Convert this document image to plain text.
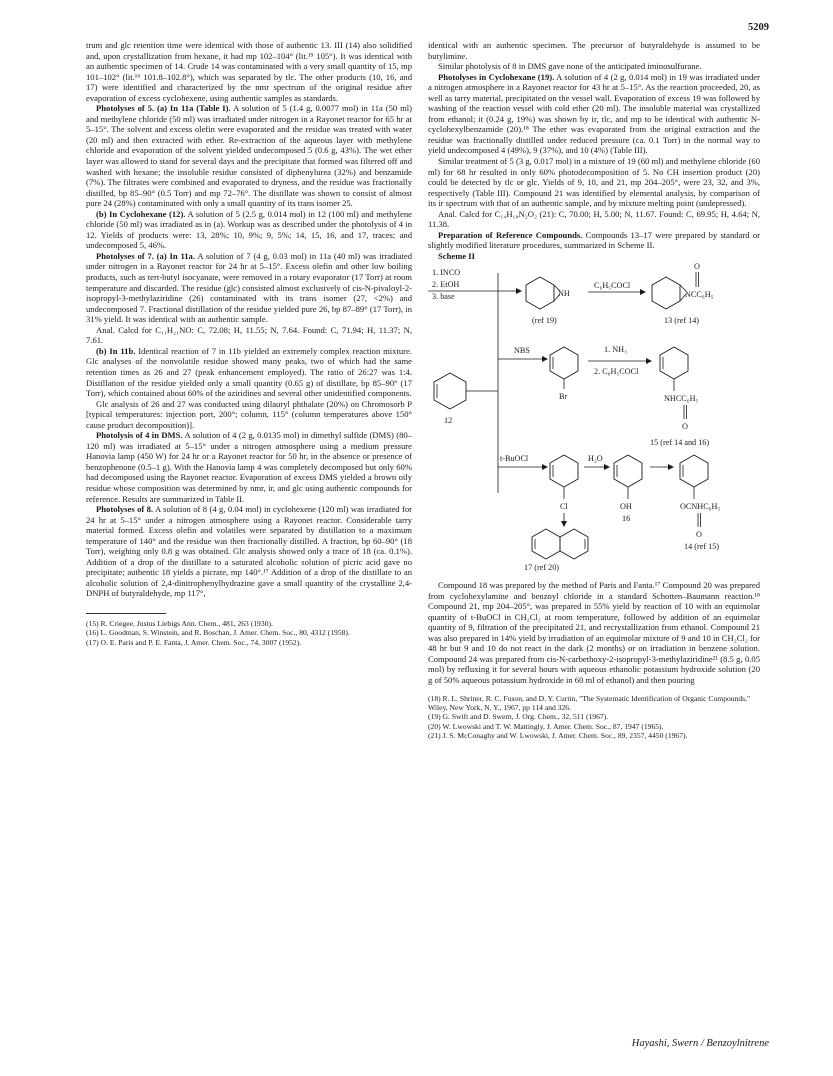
5209

trum and glc retention time were identical with those of authentic 13. III (14) also solidified and, upon crystallization from hexane, it had mp 102–104° (lit.¹⁵ 105°). It was identical with an authentic specimen of 14. Crude 14 was contaminated with a very small quantity of 15, mp 101–102° (lit.¹⁶ 101.8–102.8°), which was separated by tlc. The other products (10, 16, and 17) were identified and characterized by the nmr spectrum of the original residue after evaporation of excess cyclohexene, using authentic samples as standards.

Photolyses of 5. (a) In 11a (Table I). A solution of 5 (1.4 g, 0.0077 mol) in 11a (50 ml) and methylene chloride (50 ml) was irradiated under nitrogen in a Rayonet reactor for 65 hr at 5–15°. The solvent and excess olefin were evaporated and the residue was treated with water (20 ml) and then extracted with ether. Re-extraction of the aqueous layer with methylene chloride and evaporation of the solvent yielded undecomposed 5 (0.6 g, 43%). The wet ether layer was allowed to stand for several days and the precipitate that formed was filtered off and washed with hexane; the insoluble residue consisted of diphenylurea (32%) and benzamide (7%). The filtrates were combined and evaporated to dryness, and the residue was fractionally distilled, bp 85–90° (0.5 Torr) and mp 72–76°. The distillate was shown to consist of almost pure 24 (28%) contaminated with only a small quantity of its trans isomer 25.

(b) In Cyclohexane (12). A solution of 5 (2.5 g, 0.014 mol) in 12 (100 ml) and methylene chloride (50 ml) was irradiated as in (a). Workup was as described under the photolysis of 4 in 12. Yields of products were: 13, 28%; 10, 9%; 9, 5%; 14, 15, 16, and 17, traces; and undecomposed 5, 46%.

Photolyses of 7. (a) In 11a. A solution of 7 (4 g, 0.03 mol) in 11a (40 ml) was irradiated under nitrogen in a Rayonet reactor for 24 hr at 5–15°. Excess olefin and other low boiling products, such as tert-butyl isocyanate, were removed in a rotary evaporator (17 Torr) at room temperature and discarded. The residue (glc) consisted almost exclusively of cis-N-pivaloyl-2-isopropyl-3-methylaziridine (26) contaminated with its trans isomer (27, <2%) and undecomposed 7. Fractional distillation of the residue yielded pure 26, bp 87–89° (17 Torr), in 31% yield. It was identical with an authentic sample.

Anal. Calcd for C₁₁H₂₁NO: C, 72.08; H, 11.55; N, 7.64. Found: C, 71.94; H, 11.37; N, 7.61.

(b) In 11b. Identical reaction of 7 in 11b yielded an extremely complex reaction mixture. Glc analyses of the nonvolatile residue showed many peaks, two of which had the same retention times as 26 and 27 (peak enhancement employed). The ratio of 26:27 was 1:4. Distillation of the residue yielded only a small quantity (0.65 g) of distillate, bp 85–90° (17 Torr), which contained about 60% of the aziridines and several other unidentified components.

Glc analysis of 26 and 27 was conducted using dilauryl phthalate (20%) on Chromosorb P [typical temperatures: injection port, 200°; column, 115° (column temperatures above 150° cause product decomposition)].

Photolysis of 4 in DMS. A solution of 4 (2 g, 0.0135 mol) in dimethyl sulfide (DMS) (80–120 ml) was irradiated at 5–15° under a nitrogen atmosphere using a medium pressure Hanovia lamp (450 W) for 24 hr or a Rayonet reactor for 50 hr, in the absence or presence of benzophenone (0.5–1 g). With the Hanovia lamp 4 was completely decomposed but only 60% had decomposed using the Rayonet reactor. Evaporation of excess DMS yielded a brown oily residue whose composition was determined by nmr, ir, and glc using authentic compounds for reference. Results are summarized in Table II.

Photolyses of 8. A solution of 8 (4 g, 0.04 mol) in cyclohexene (120 ml) was irradiated for 24 hr at 5–15° under a nitrogen atmosphere using a Rayonet reactor. Considerable tarry material formed. Excess olefin and volatiles were separated by distillation to a maximum temperature of 140° and the residue was then fractionally distilled. A fraction, bp 60–90° (18 Torr), weighing only 0.8 g was obtained. Glc analysis showed only a trace of 18 (ca. 0.1%). Addition of a drop of the distillate to a saturated alcoholic solution of picric acid gave no precipitate; authentic 18 yields a picrate, mp 140°.¹⁷ Addition of a drop of the distillate to an alcoholic solution of 2,4-dinitrophenylhydrazine gave a small quantity of the crystalline 2,4-DNPH of butyraldehyde, mp 117°,

(15) R. Criegee, Justus Liebigs Ann. Chem., 481, 263 (1930).

(16) L. Goodman, S. Winstein, and R. Boschan, J. Amer. Chem. Soc., 80, 4312 (1958).

(17) O. E. Paris and P. E. Fanta, J. Amer. Chem. Soc., 74, 3007 (1952).

identical with an authentic specimen. The precursor of butyraldehyde is assumed to be butylimine.

Similar photolysis of 8 in DMS gave none of the anticipated iminosulfurane.

Photolyses in Cyclohexane (19). A solution of 4 (2 g, 0.014 mol) in 19 was irradiated under a nitrogen atmosphere in a Rayonet reactor for 43 hr at 5–15°. As the reaction proceeded, 20, as well as tarry material, precipitated on the vessel wall. Evaporation of excess 19 was followed by washing of the reaction vessel with cold ether (20 ml). The insoluble material was crystallized from ethanol; it (0.24 g, 19%) was shown by ir, tlc, and mp to be identical with authentic N-cyclohexylbenzamide (20).¹⁸ The ether was evaporated from the original extraction and the residue was fractionally distilled under reduced pressure (ca. 0.1 Torr) in the normal way to yield undecomposed 4 (49%), 9 (37%), and 10 (4%) (Table III).

Similar treatment of 5 (3 g, 0.017 mol) in a mixture of 19 (60 ml) and methylene chloride (60 ml) for 68 hr resulted in only 60% photodecomposition of 5. No CH insertion product (20) could be detected by tlc or glc. Yields of 9, 10, and 21, mp 204–205°, were 23, 32, and 3%, respectively (Table III). Compound 21 was identified by elemental analysis, by comparison of its ir spectrum with that of an authentic sample, and by mixture melting point (undepressed).

Anal. Calcd for C₁₄H₁₈N₂O₂ (21): C, 70.00; H, 5.00; N, 11.67. Found: C, 69.95; H, 4.64; N, 11.38.

Preparation of Reference Compounds. Compounds 13–17 were prepared by standard or slightly modified literature procedures, summarized in Scheme II.

Scheme II

12
1. INCO
2. EtOH
3. base	NH
(ref 19)
C₆H₅COCl
NCC₆H₅
O
13 (ref 14)
NBS
Br
1. NH₃
2. C₆H₅COCl
NHCC₆H₅
O
15 (ref 14 and 16)
t-BuOCl
Cl
H₂O
OH
16
OCNHC₆H₅
O
14 (ref 15)
17 (ref 20)

Compound 18 was prepared by the method of Paris and Fanta.¹⁷ Compound 20 was prepared from cyclohexylamine and benzoyl chloride in a standard Schotten–Baumann reaction.¹⁸ Compound 21, mp 204–205°, was prepared in 55% yield by reaction of 10 with an equimolar quantity of t-BuOCl in CH₂Cl₂ at room temperature, followed by addition of an equimolar quantity of 9, filtration of the precipitated 21, and recrystallization from ethanol. Compound 21 was also prepared in 14% yield by irradiation of an equimolar mixture of 9 and 10 in CH₂Cl₂ for 48 hr but 9 and 10 do not react in the dark (2 months) or on irradiation in benzene solution. Compound 24 was prepared from cis-N-carbethoxy-2-isopropyl-3-methylaziridine²¹ (8.5 g, 0.05 mol) by refluxing it for several hours with aqueous ethanolic potassium hydroxide solution (20 g of 50% aqueous potassium hydroxide in 60 ml of ethanol) and then pouring

(18) R. L. Shriner, R. C. Fuson, and D. Y. Curtin, "The Systematic Identification of Organic Compounds," Wiley, New York, N. Y., 1967, pp 114 and 326.

(19) G. Swift and D. Swern, J. Org. Chem., 32, 511 (1967).

(20) W. Lwowski and T. W. Mattingly, J. Amer. Chem. Soc., 87, 1947 (1965).

(21) J. S. McConaghy and W. Lwowski, J. Amer. Chem. Soc., 89, 2357, 4450 (1967).

Hayashi, Swern / Benzoylnitrene
